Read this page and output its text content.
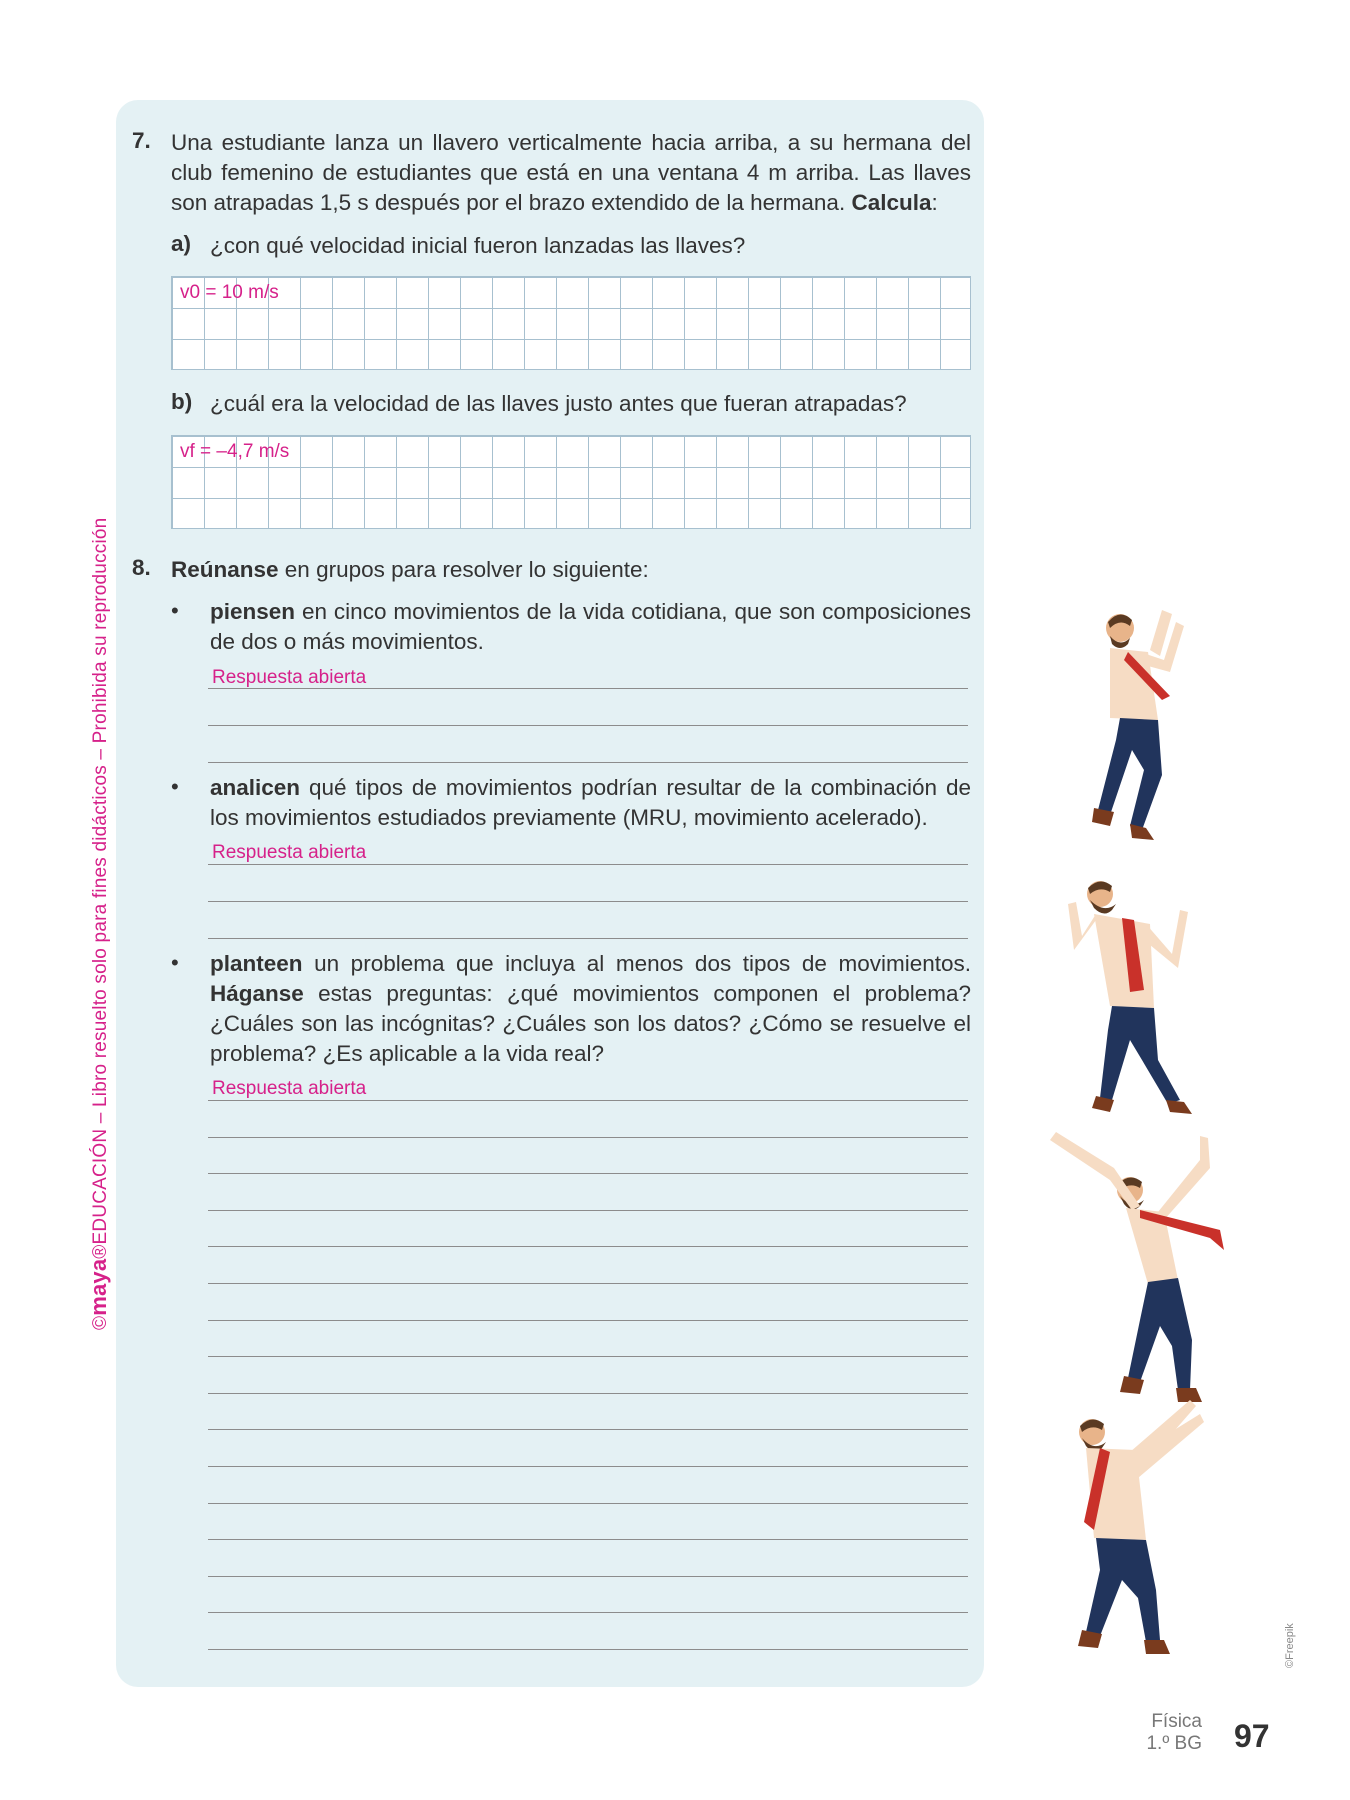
©maya®EDUCACIÓN – Libro resuelto solo para fines didácticos – Prohibida su reproducción
7. Una estudiante lanza un llavero verticalmente hacia arriba, a su hermana del club femenino de estudiantes que está en una ventana 4 m arriba. Las llaves son atrapadas 1,5 s después por el brazo extendido de la hermana. Calcula:
a) ¿con qué velocidad inicial fueron lanzadas las llaves?
v0 = 10 m/s
b) ¿cuál era la velocidad de las llaves justo antes que fueran atrapadas?
vf = –4,7 m/s
8. Reúnanse en grupos para resolver lo siguiente:
• piensen en cinco movimientos de la vida cotidiana, que son composiciones de dos o más movimientos.
Respuesta abierta
• analicen qué tipos de movimientos podrían resultar de la combinación de los movimientos estudiados previamente (MRU, movimiento acelerado).
Respuesta abierta
• planteen un problema que incluya al menos dos tipos de movimientos. Háganse estas preguntas: ¿qué movimientos componen el problema? ¿Cuáles son las incógnitas? ¿Cuáles son los datos? ¿Cómo se resuelve el problema? ¿Es aplicable a la vida real?
Respuesta abierta
©Freepik
Física
1.º BG 97
